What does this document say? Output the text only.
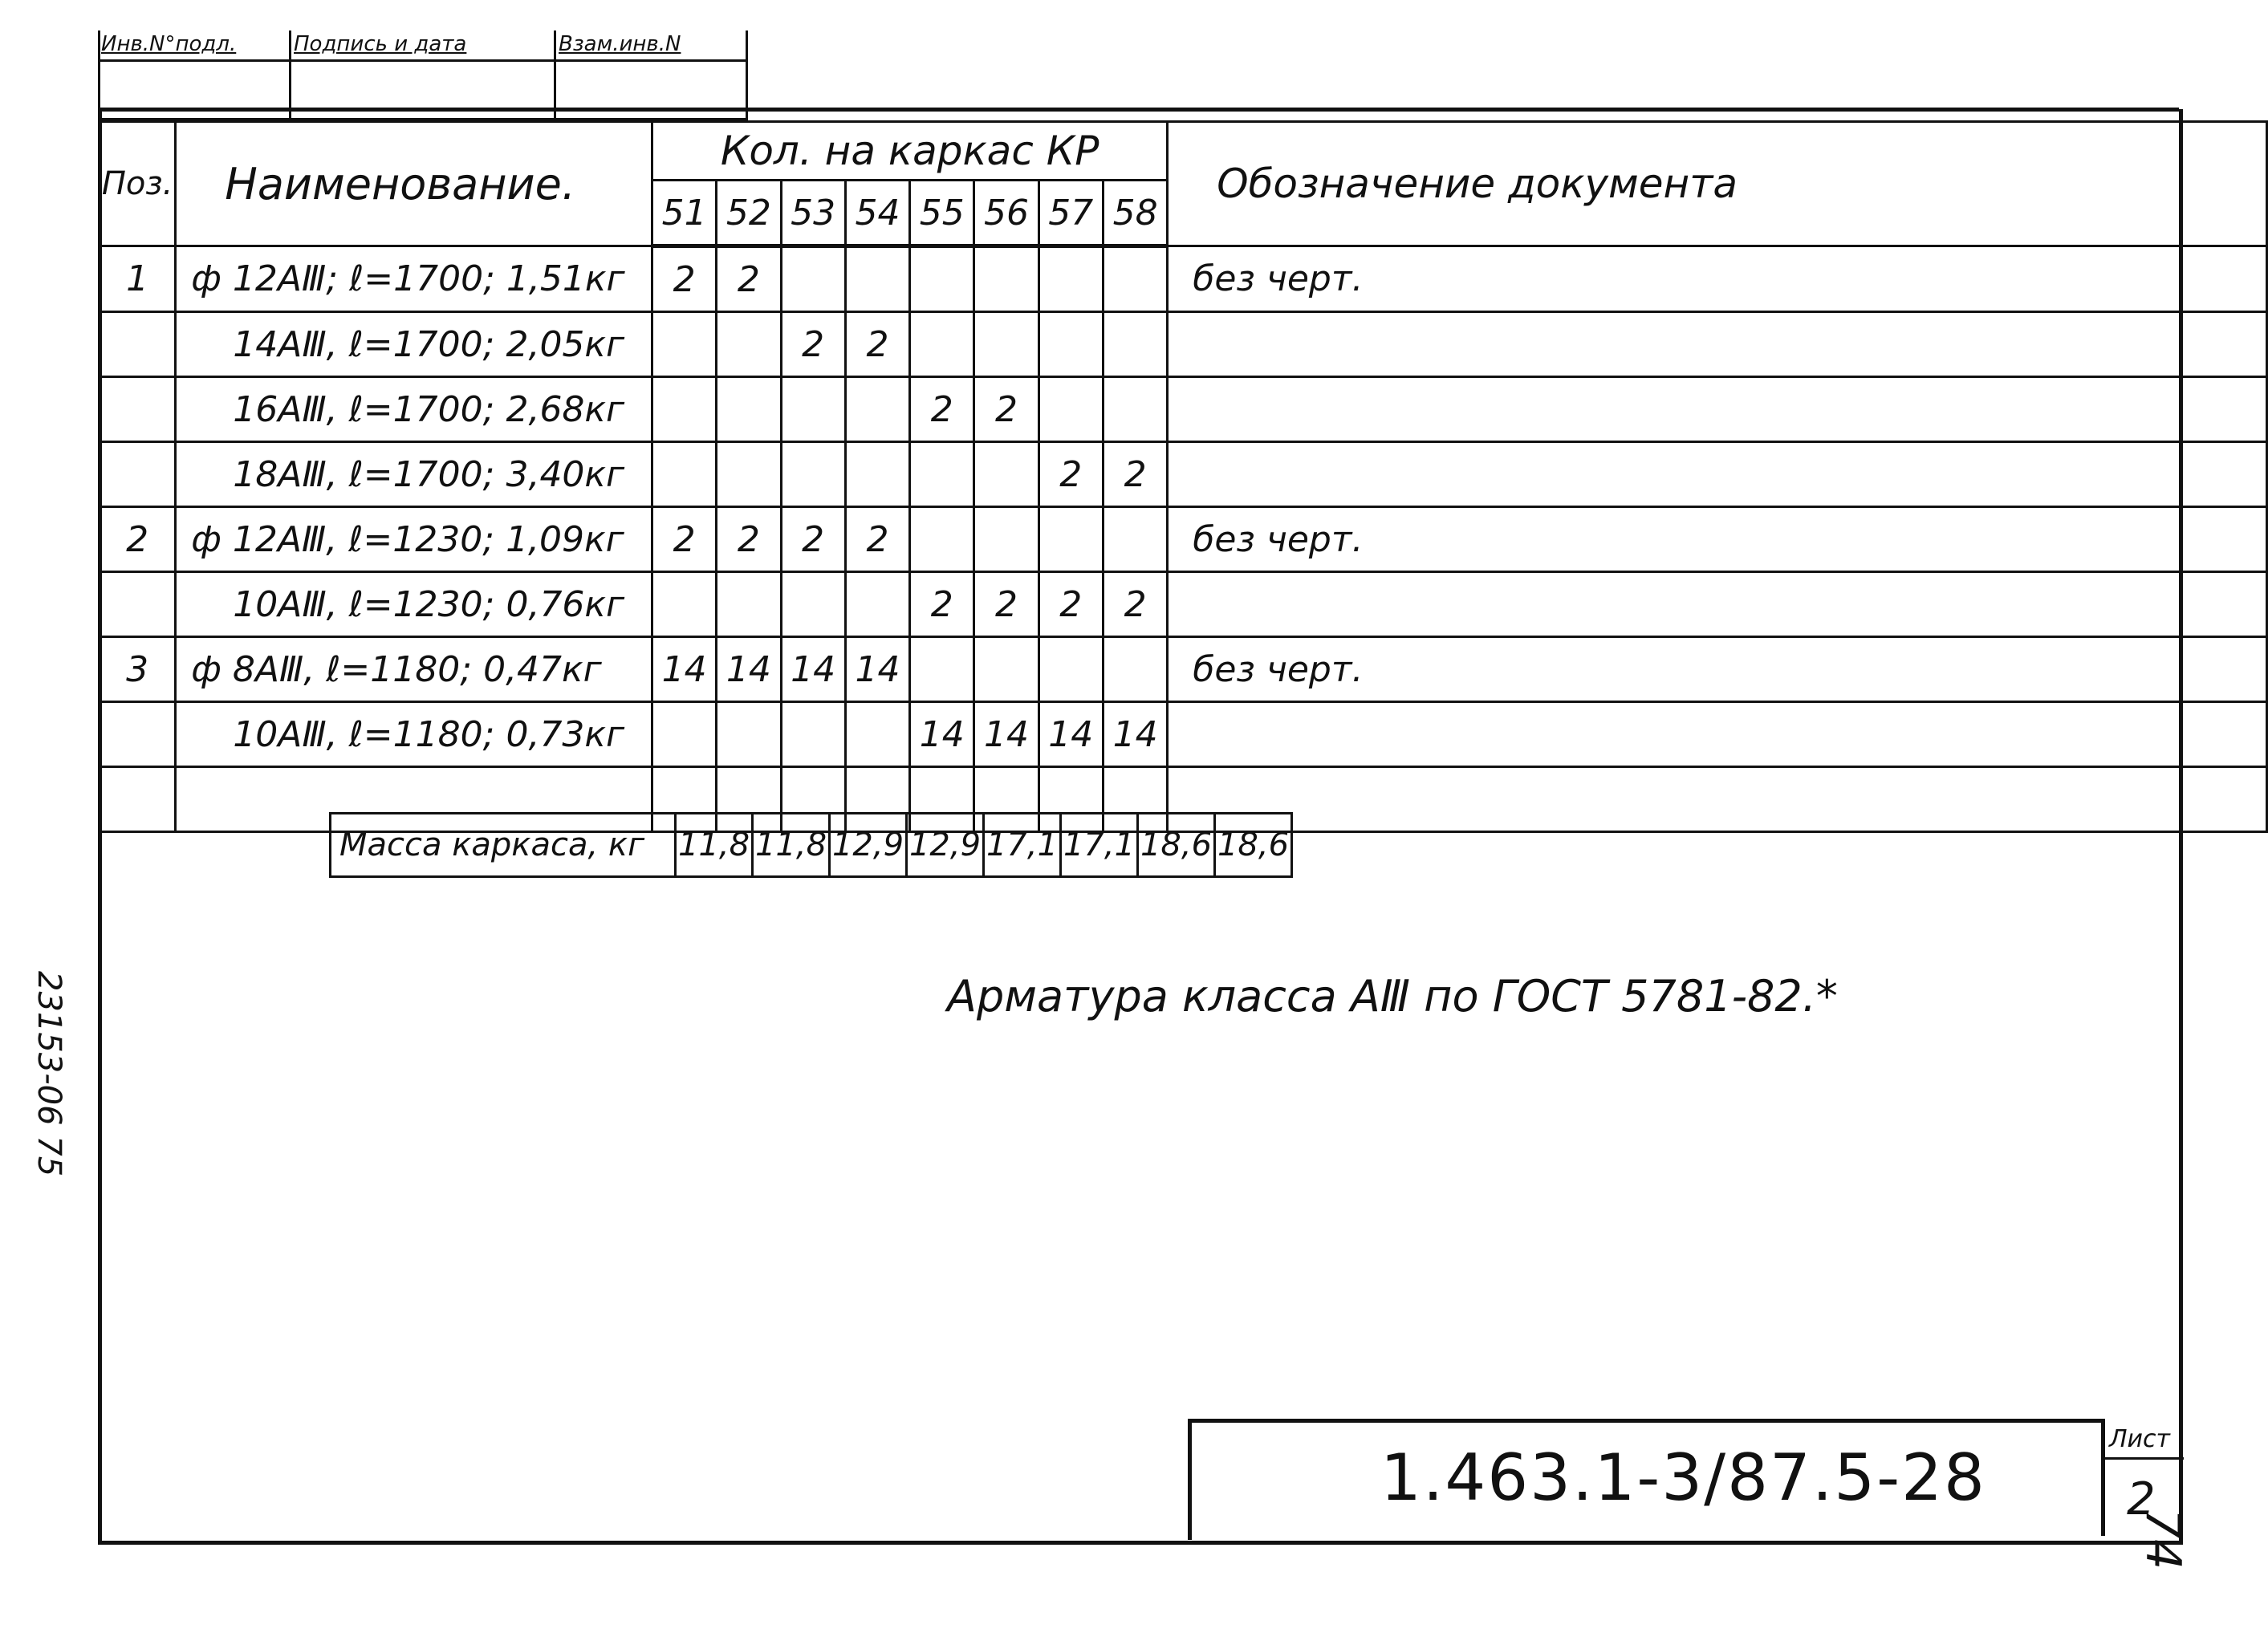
Инв.N°подл.	Подпись и дата	Взам.инв.N
Поз.	Наименование.	Кол. на каркас КР								Обозначение документа
		51	52	53	54	55	56	57	58	
1	ф 12АⅢ; ℓ=1700; 1,51кг	2	2							без черт.
	14АⅢ, ℓ=1700; 2,05кг			2	2					
	16АⅢ, ℓ=1700; 2,68кг					2	2			
	18АⅢ, ℓ=1700; 3,40кг							2	2	
2	ф 12АⅢ, ℓ=1230; 1,09кг	2	2	2	2					без черт.
	10АⅢ, ℓ=1230; 0,76кг					2	2	2	2	
3	ф 8АⅢ, ℓ=1180; 0,47кг	14	14	14	14					без черт.
	10АⅢ, ℓ=1180; 0,73кг					14	14	14	14	

Масса каркаса, кг	11,8	11,8	12,9	12,9	17,1	17,1	18,6	18,6
Арматура класса АⅢ по ГОСТ 5781-82.*
23153-06 75
1.463.1-3/87.5-28
Лист
2
74
